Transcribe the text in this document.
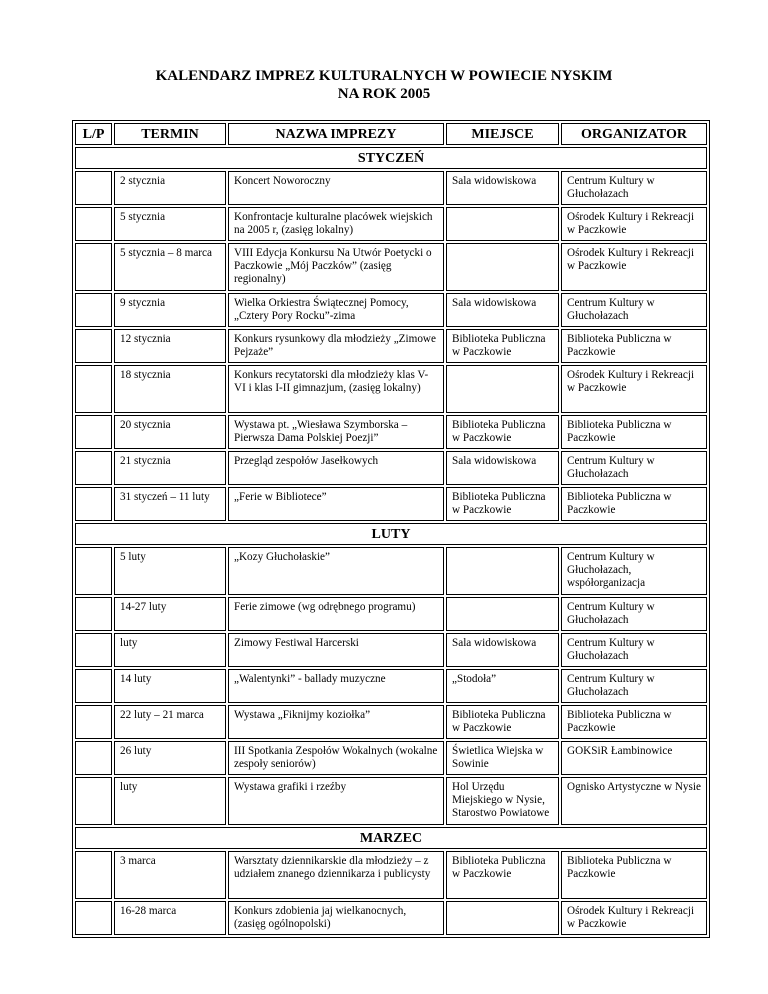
KALENDARZ IMPREZ KULTURALNYCH W POWIECIE NYSKIM
NA ROK 2005
L/P	TERMIN	NAZWA IMPREZY	MIEJSCE	ORGANIZATOR
STYCZEŃ				
	2 stycznia	Koncert Noworoczny	Sala widowiskowa	Centrum Kultury w Głuchołazach
	5 stycznia	Konfrontacje kulturalne placówek wiejskich na 2005 r, (zasięg lokalny)		Ośrodek Kultury i Rekreacji w Paczkowie
	5 stycznia – 8 marca	VIII Edycja Konkursu Na Utwór Poetycki o Paczkowie „Mój Paczków” (zasięg regionalny)		Ośrodek Kultury i Rekreacji w Paczkowie
	9 stycznia	Wielka Orkiestra Świątecznej Pomocy, „Cztery Pory Rocku”-zima	Sala widowiskowa	Centrum Kultury w Głuchołazach
	12 stycznia	Konkurs rysunkowy dla młodzieży „Zimowe Pejzaże”	Biblioteka Publiczna w Paczkowie	Biblioteka Publiczna w Paczkowie
	18 stycznia	Konkurs recytatorski dla młodzieży klas V-VI i klas I-II gimnazjum, (zasięg lokalny)		Ośrodek Kultury i Rekreacji w Paczkowie
	20 stycznia	Wystawa pt. „Wiesława Szymborska – Pierwsza Dama Polskiej Poezji”	Biblioteka Publiczna w Paczkowie	Biblioteka Publiczna w Paczkowie
	21 stycznia	Przegląd zespołów Jasełkowych	Sala widowiskowa	Centrum Kultury w Głuchołazach
	31 styczeń – 11 luty	„Ferie w Bibliotece”	Biblioteka Publiczna w Paczkowie	Biblioteka Publiczna w Paczkowie
LUTY				
	5 luty	„Kozy Głuchołaskie”		Centrum Kultury w Głuchołazach, współorganizacja
	14-27 luty	Ferie zimowe (wg odrębnego programu)		Centrum Kultury w Głuchołazach
	luty	Zimowy Festiwal Harcerski	Sala widowiskowa	Centrum Kultury w Głuchołazach
	14 luty	„Walentynki” - ballady muzyczne	„Stodoła”	Centrum Kultury w Głuchołazach
	22 luty – 21 marca	Wystawa „Fiknijmy koziołka”	Biblioteka Publiczna w Paczkowie	Biblioteka Publiczna w Paczkowie
	26 luty	III Spotkania Zespołów Wokalnych (wokalne zespoły seniorów)	Świetlica Wiejska w Sowinie	GOKSiR Łambinowice
	luty	Wystawa grafiki i rzeźby	Hol Urzędu Miejskiego w Nysie, Starostwo Powiatowe	Ognisko Artystyczne w Nysie
MARZEC				
	3 marca	Warsztaty dziennikarskie dla młodzieży – z udziałem znanego dziennikarza i publicysty	Biblioteka Publiczna w Paczkowie	Biblioteka Publiczna w Paczkowie
	16-28 marca	Konkurs zdobienia jaj wielkanocnych, (zasięg ogólnopolski)		Ośrodek Kultury i Rekreacji w Paczkowie
